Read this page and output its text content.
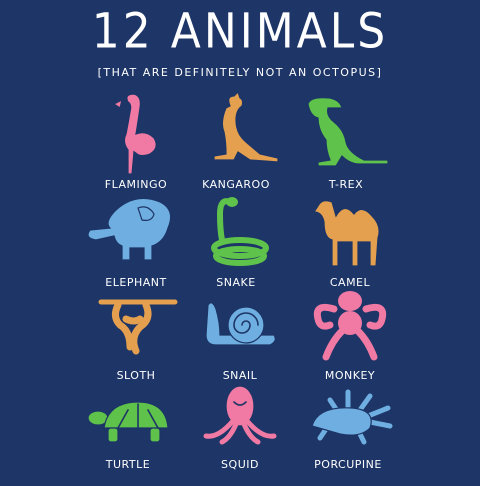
12 ANIMALS
[THAT ARE DEFINITELY NOT AN OCTOPUS]
FLAMINGO	KANGAROO	T-REX
ELEPHANT	SNAKE	CAMEL
SLOTH	SNAIL	MONKEY
TURTLE	SQUID	PORCUPINE
